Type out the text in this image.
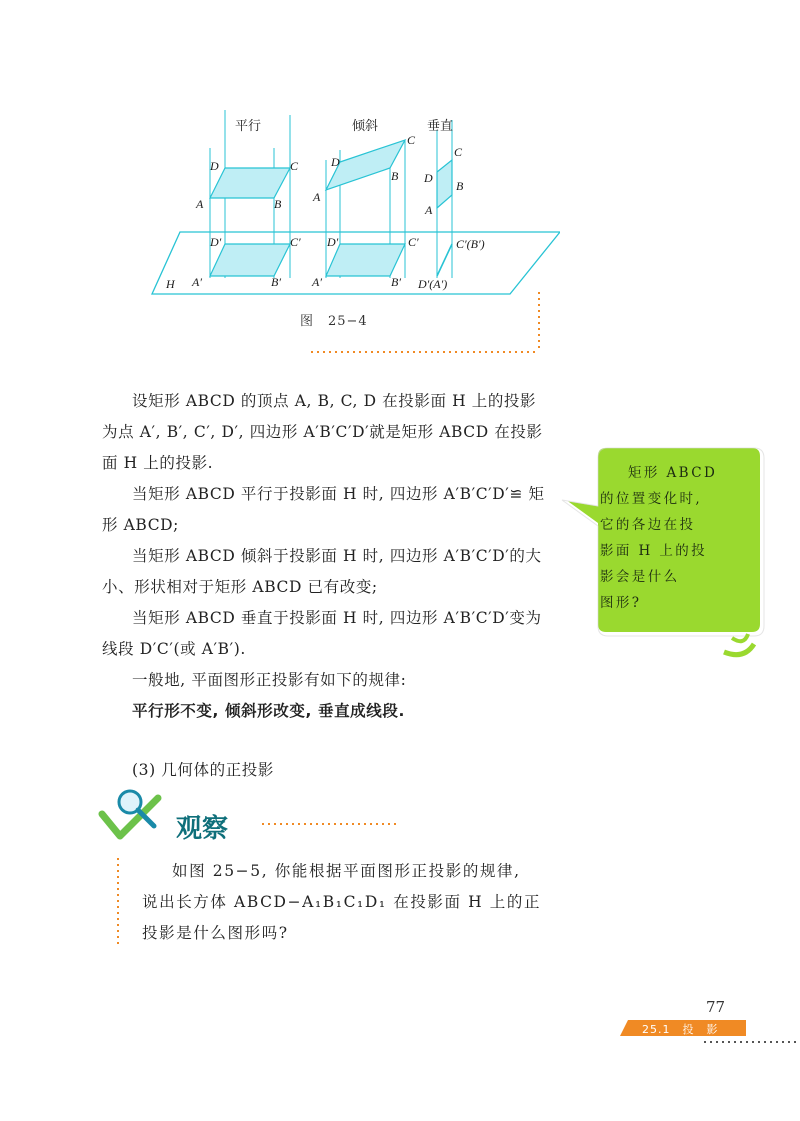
平行	倾斜	垂直
D	C
A	B
D′	C′
A′	B′
D
C
A
B
D′	C′
A′	B′
C
D
B
A
C′(B′)
D′(A′)
H
图　25−4
设矩形 ABCD 的顶点 A, B, C, D 在投影面 H 上的投影
为点 A′, B′, C′, D′, 四边形 A′B′C′D′就是矩形 ABCD 在投影
面 H 上的投影.
当矩形 ABCD 平行于投影面 H 时, 四边形 A′B′C′D′≌ 矩
形 ABCD;
当矩形 ABCD 倾斜于投影面 H 时, 四边形 A′B′C′D′的大
小、形状相对于矩形 ABCD 已有改变;
当矩形 ABCD 垂直于投影面 H 时, 四边形 A′B′C′D′变为
线段 D′C′(或 A′B′).
一般地, 平面图形正投影有如下的规律:
平行形不变, 倾斜形改变, 垂直成线段.
(3) 几何体的正投影
矩形 ABCD
的位置变化时,
它的各边在投
影面 H 上的投
影会是什么
图形?
观察
如图 25−5, 你能根据平面图形正投影的规律,
说出长方体 ABCD−A₁B₁C₁D₁ 在投影面 H 上的正
投影是什么图形吗?
77
25.1　投　影
